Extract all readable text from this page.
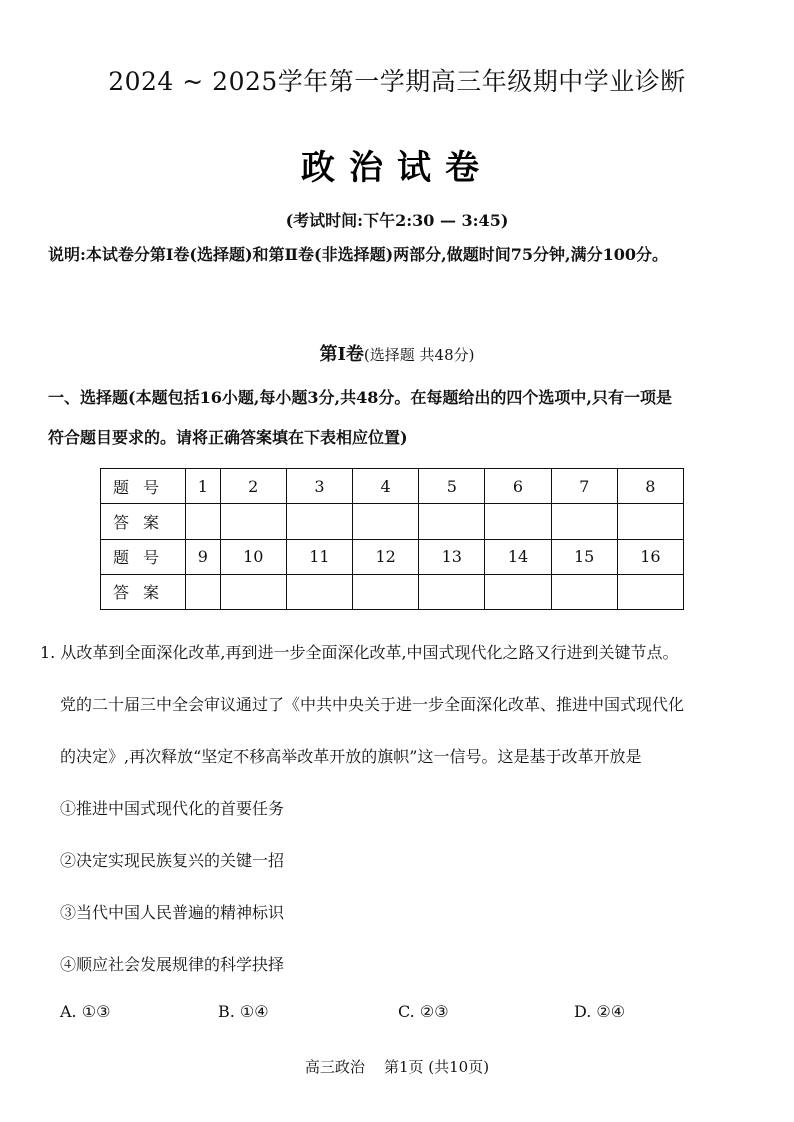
2024 ~ 2025学年第一学期高三年级期中学业诊断
政治试卷
(考试时间:下午2:30 — 3:45)
说明:本试卷分第Ⅰ卷(选择题)和第Ⅱ卷(非选择题)两部分,做题时间75分钟,满分100分。
第Ⅰ卷(选择题 共48分)
一、选择题(本题包括16小题,每小题3分,共48分。在每题给出的四个选项中,只有一项是
符合题目要求的。请将正确答案填在下表相应位置)
题号	1	2	3	4	5	6	7	8
答案								
题号	9	10	11	12	13	14	15	16
答案								
1. 从改革到全面深化改革,再到进一步全面深化改革,中国式现代化之路又行进到关键节点。
党的二十届三中全会审议通过了《中共中央关于进一步全面深化改革、推进中国式现代化
的决定》,再次释放“坚定不移高举改革开放的旗帜”这一信号。这是基于改革开放是
①推进中国式现代化的首要任务
②决定实现民族复兴的关键一招
③当代中国人民普遍的精神标识
④顺应社会发展规律的科学抉择
A. ①③	B. ①④	C. ②③	D. ②④
高三政治    第1页 (共10页)
